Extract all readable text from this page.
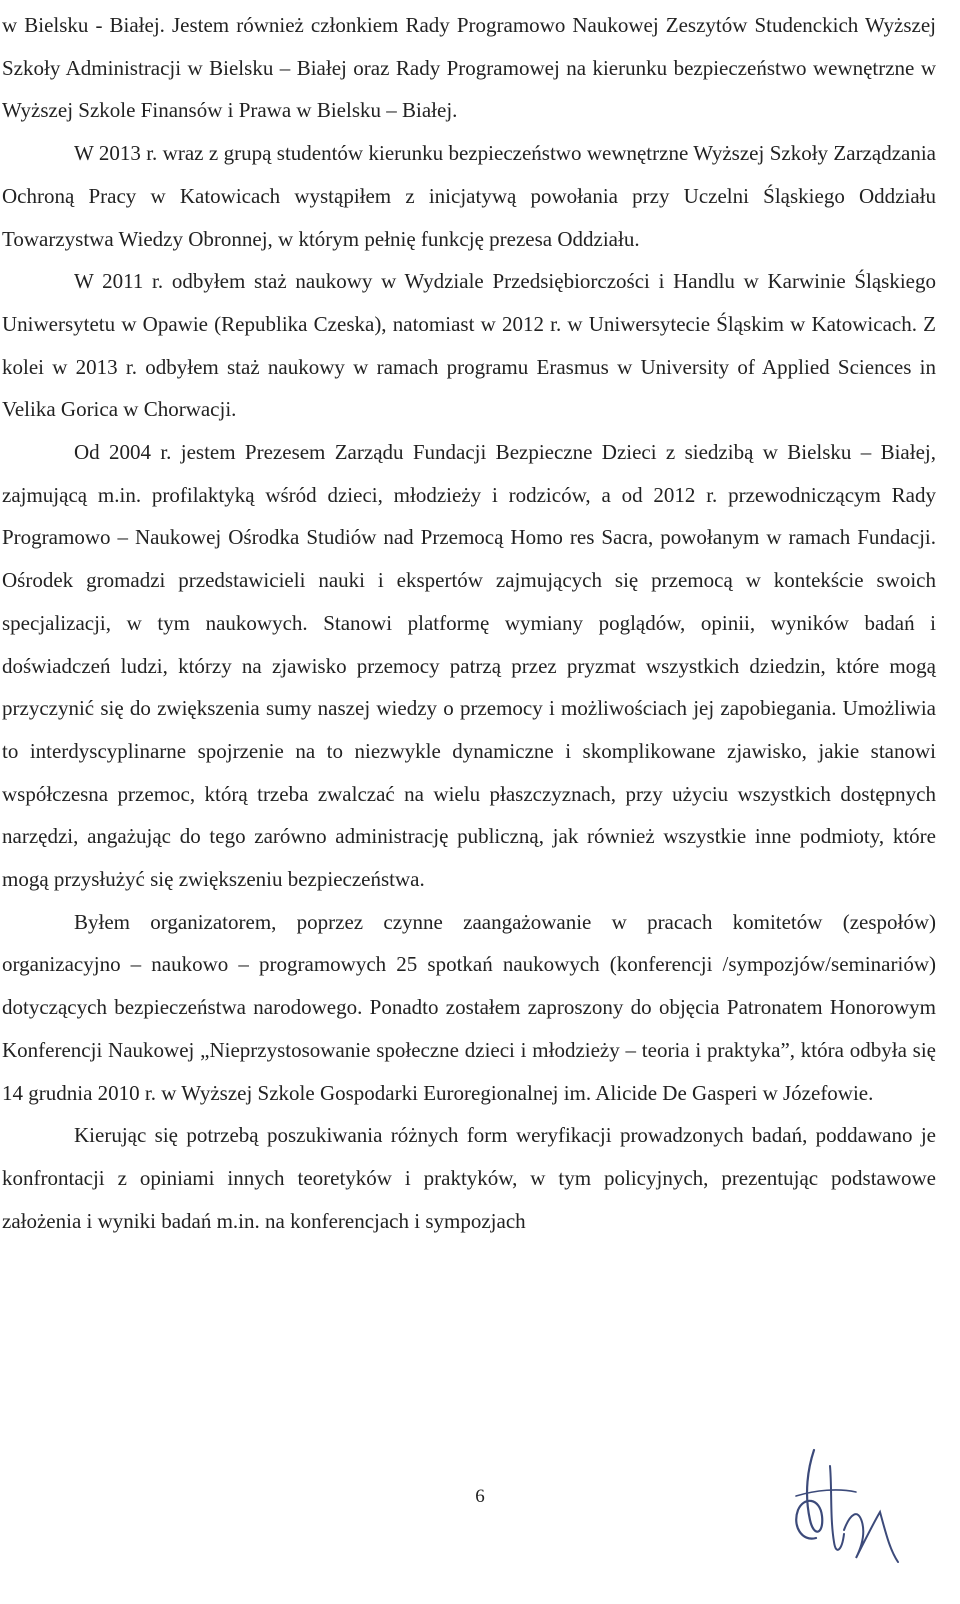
w Bielsku - Białej. Jestem również członkiem Rady Programowo Naukowej Zeszytów Studenckich Wyższej Szkoły Administracji w Bielsku – Białej oraz Rady Programowej na kierunku bezpieczeństwo wewnętrzne w Wyższej Szkole Finansów i Prawa w Bielsku – Białej.

W 2013 r. wraz z grupą studentów kierunku bezpieczeństwo wewnętrzne Wyższej Szkoły Zarządzania Ochroną Pracy w Katowicach wystąpiłem z inicjatywą powołania przy Uczelni Śląskiego Oddziału Towarzystwa Wiedzy Obronnej, w którym pełnię funkcję prezesa Oddziału.

W 2011 r. odbyłem staż naukowy w Wydziale Przedsiębiorczości i Handlu w Karwinie Śląskiego Uniwersytetu w Opawie (Republika Czeska), natomiast w 2012 r. w Uniwersytecie Śląskim w Katowicach. Z kolei w 2013 r. odbyłem staż naukowy w ramach programu Erasmus w University of Applied Sciences in Velika Gorica w Chorwacji.

Od 2004 r. jestem Prezesem Zarządu Fundacji Bezpieczne Dzieci z siedzibą w Bielsku – Białej, zajmującą m.in. profilaktyką wśród dzieci, młodzieży i rodziców, a od 2012 r. przewodniczącym Rady Programowo – Naukowej Ośrodka Studiów nad Przemocą Homo res Sacra, powołanym w ramach Fundacji. Ośrodek gromadzi przedstawicieli nauki i ekspertów zajmujących się przemocą w kontekście swoich specjalizacji, w tym naukowych. Stanowi platformę wymiany poglądów, opinii, wyników badań i doświadczeń ludzi, którzy na zjawisko przemocy patrzą przez pryzmat wszystkich dziedzin, które mogą przyczynić się do zwiększenia sumy naszej wiedzy o przemocy i możliwościach jej zapobiegania. Umożliwia to interdyscyplinarne spojrzenie na to niezwykle dynamiczne i skomplikowane zjawisko, jakie stanowi współczesna przemoc, którą trzeba zwalczać na wielu płaszczyznach, przy użyciu wszystkich dostępnych narzędzi, angażując do tego zarówno administrację publiczną, jak również wszystkie inne podmioty, które mogą przysłużyć się zwiększeniu bezpieczeństwa.

Byłem organizatorem, poprzez czynne zaangażowanie w pracach komitetów (zespołów) organizacyjno – naukowo – programowych 25 spotkań naukowych (konferencji /sympozjów/seminariów) dotyczących bezpieczeństwa narodowego. Ponadto zostałem zaproszony do objęcia Patronatem Honorowym Konferencji Naukowej „Nieprzystosowanie społeczne dzieci i młodzieży – teoria i praktyka”, która odbyła się 14 grudnia 2010 r. w Wyższej Szkole Gospodarki Euroregionalnej im. Alicide De Gasperi w Józefowie.

Kierując się potrzebą poszukiwania różnych form weryfikacji prowadzonych badań, poddawano je konfrontacji z opiniami innych teoretyków i praktyków, w tym policyjnych, prezentując podstawowe założenia i wyniki badań m.in. na konferencjach i sympozjach

6
